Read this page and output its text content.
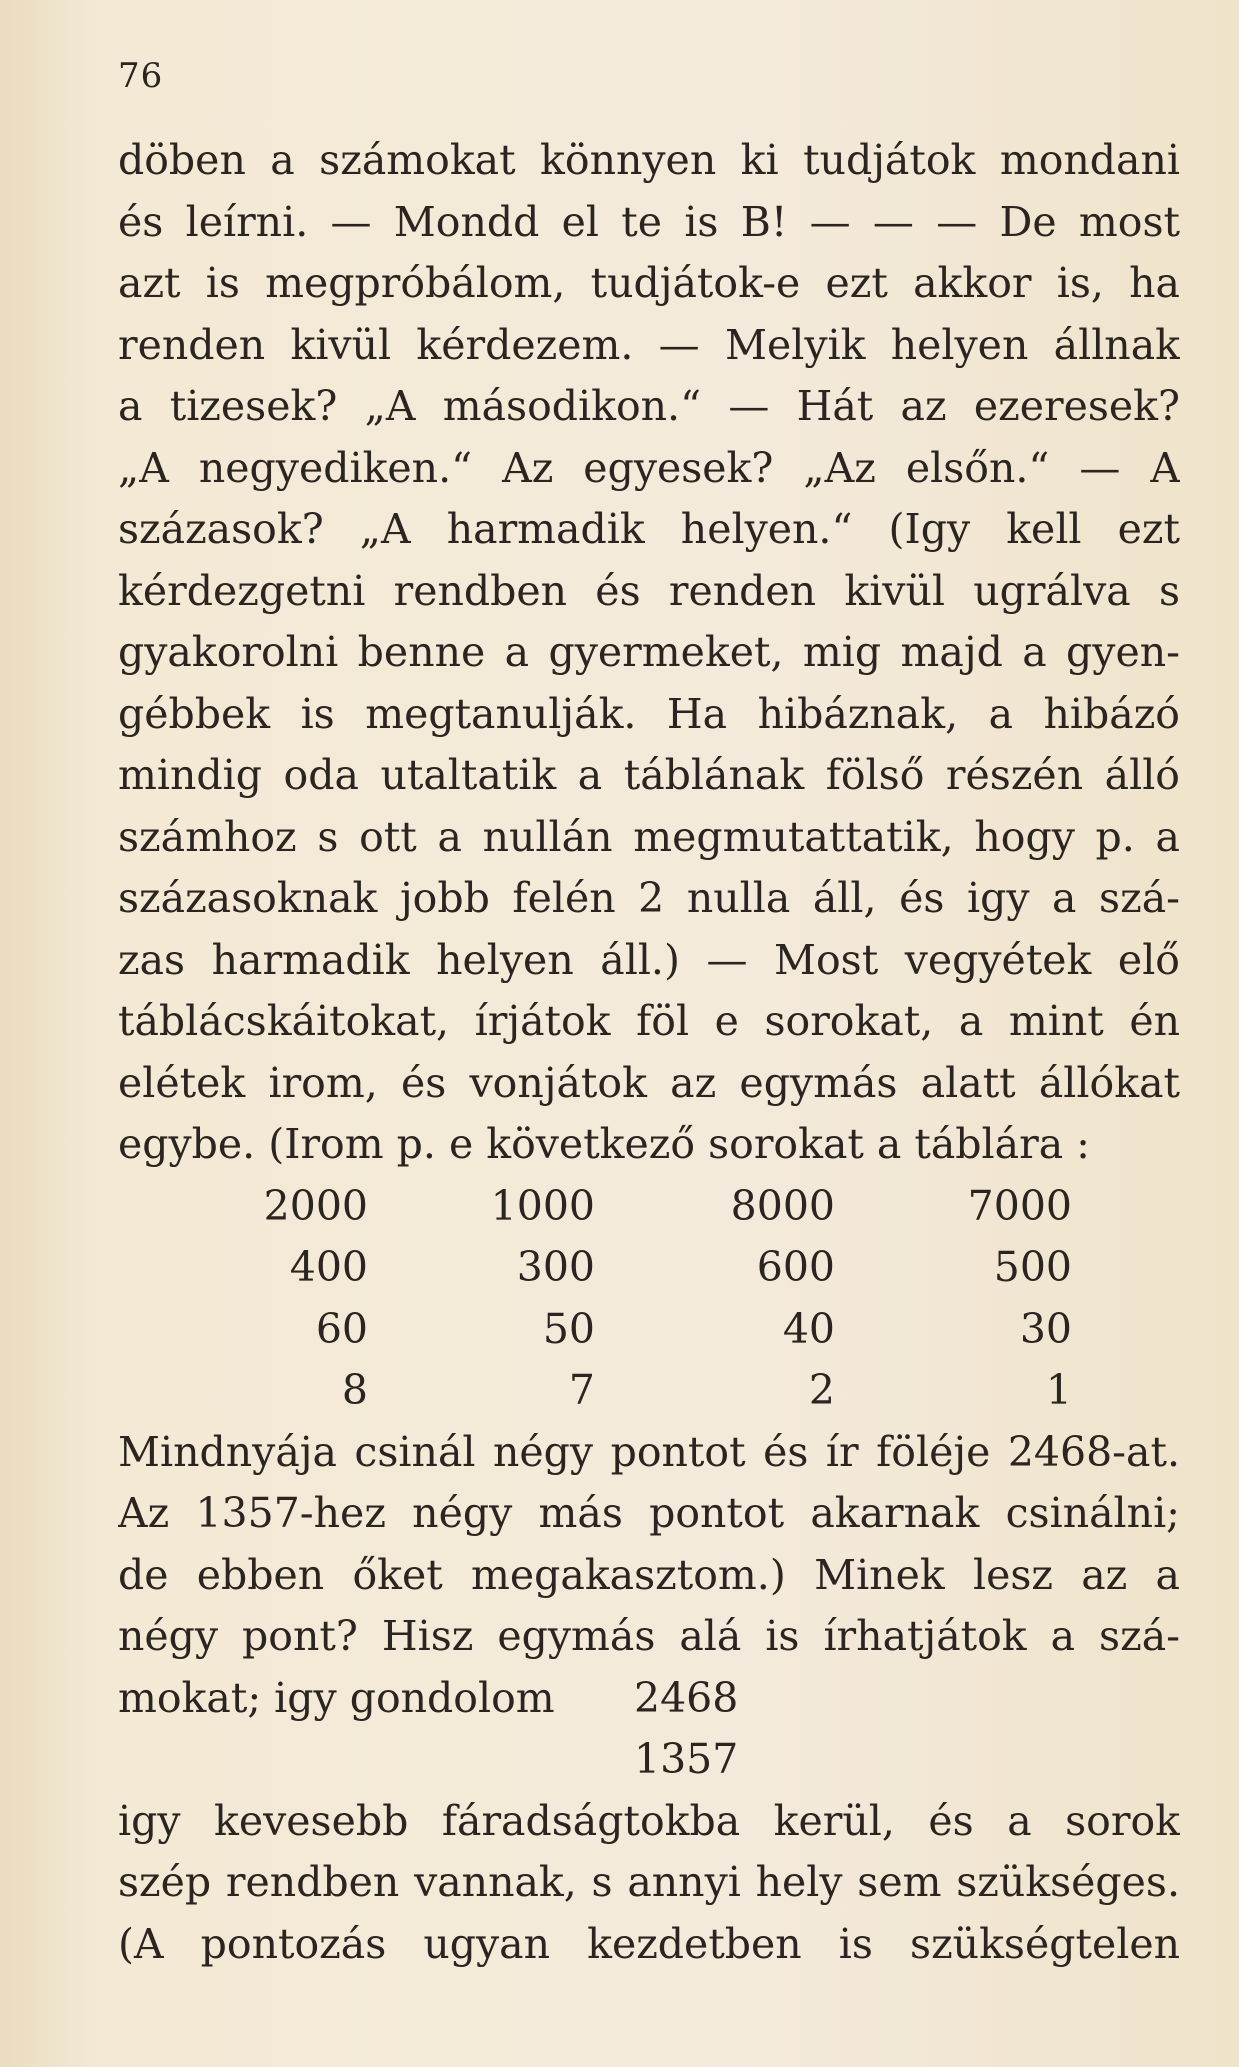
76
döben a számokat könnyen ki tudjátok mondani
és leírni. — Mondd el te is B! — — — De most
azt is megpróbálom, tudjátok-e ezt akkor is, ha
renden kivül kérdezem. — Melyik helyen állnak
a tizesek? „A másodikon.“ — Hát az ezeresek?
„A negyediken.“ Az egyesek? „Az elsőn.“ — A
százasok? „A harmadik helyen.“ (Igy kell ezt
kérdezgetni rendben és renden kivül ugrálva s
gyakorolni benne a gyermeket, mig majd a gyen-
gébbek is megtanulják. Ha hibáznak, a hibázó
mindig oda utaltatik a táblának fölső részén álló
számhoz s ott a nullán megmutattatik, hogy p. a
százasoknak jobb felén 2 nulla áll, és igy a szá-
zas harmadik helyen áll.) — Most vegyétek elő
táblácskáitokat, írjátok föl e sorokat, a mint én
elétek irom, és vonjátok az egymás alatt állókat
egybe. (Irom p. e következő sorokat a táblára :
2000	1000	8000	7000
400	300	600	500
60	50	40	30
8	7	2	1
Mindnyája csinál négy pontot és ír föléje 2468-at.
Az 1357-hez négy más pontot akarnak csinálni;
de ebben őket megakasztom.) Minek lesz az a
négy pont? Hisz egymás alá is írhatjátok a szá-
mokat; igy gondolom 2468
1357
igy kevesebb fáradságtokba kerül, és a sorok
szép rendben vannak, s annyi hely sem szükséges.
(A pontozás ugyan kezdetben is szükségtelen
